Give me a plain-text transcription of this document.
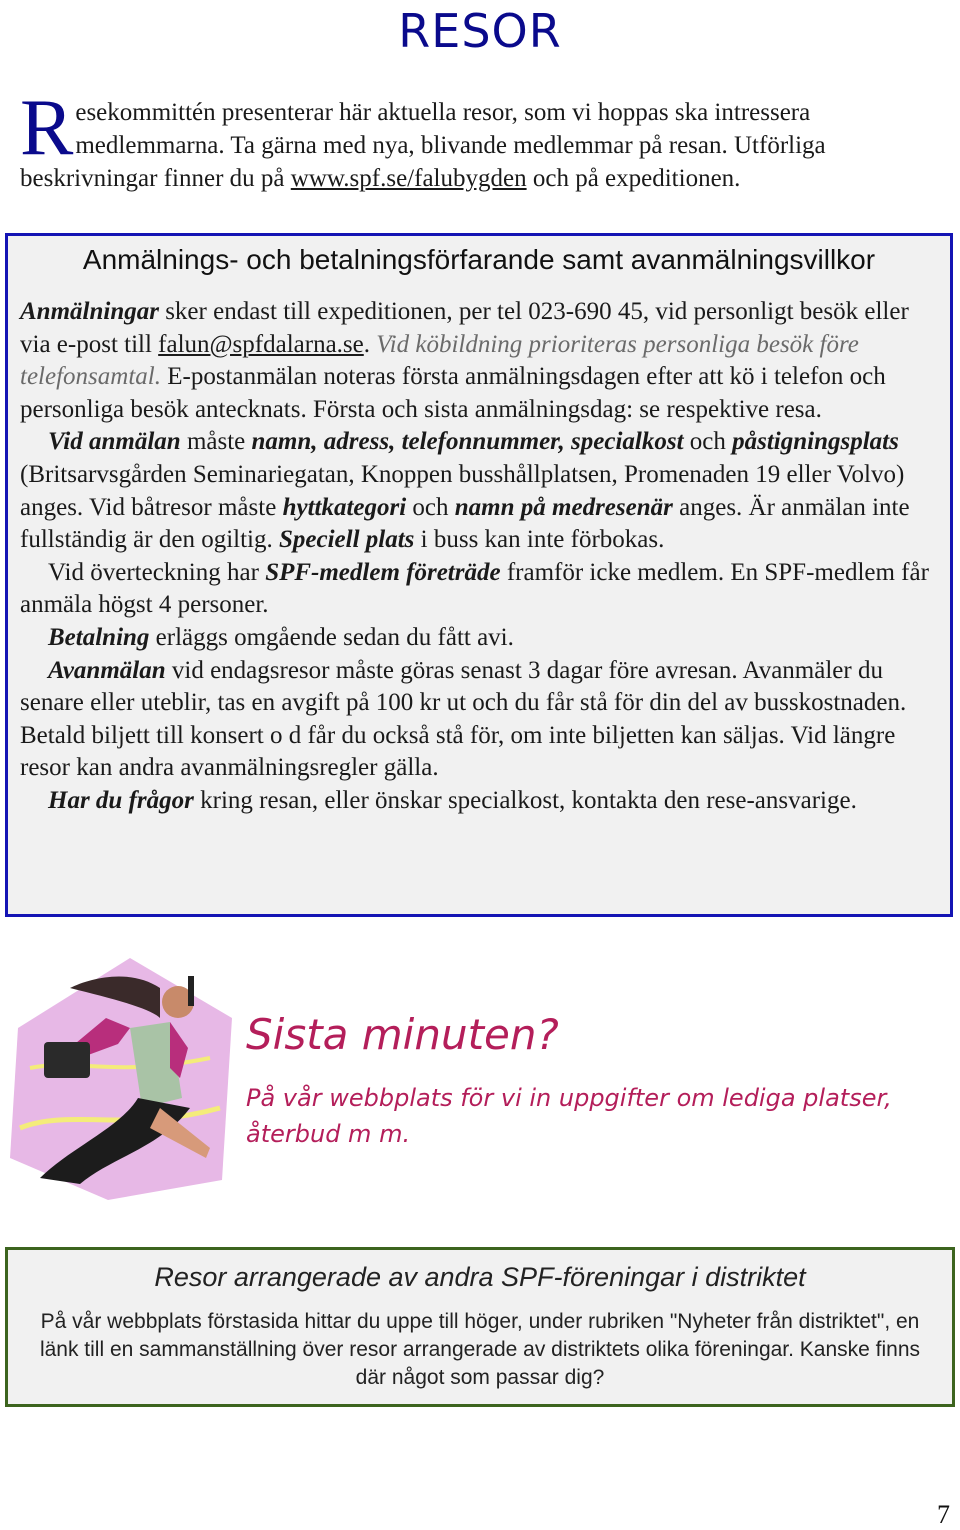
RESOR
Resekommittén presenterar här aktuella resor, som vi hoppas ska intressera medlemmarna. Ta gärna med nya, blivande medlemmar på resan. Utförliga beskrivningar finner du på www.spf.se/falubygden och på expeditionen.
Anmälnings- och betalningsförfarande samt avanmälningsvillkor

Anmälningar sker endast till expeditionen, per tel 023-690 45, vid personligt besök eller via e-post till falun@spfdalarna.se. Vid köbildning prioriteras personliga besök före telefonsamtal. E-postanmälan noteras första anmälningsdagen efter att kö i telefon och personliga besök antecknats. Första och sista anmälningsdag: se respektive resa.

Vid anmälan måste namn, adress, telefonnummer, specialkost och påstigningsplats (Britsarvsgården Seminariegatan, Knoppen busshållplatsen, Promenaden 19 eller Volvo) anges. Vid båtresor måste hyttkategori och namn på medresenär anges. Är anmälan inte fullständig är den ogiltig. Speciell plats i buss kan inte förbokas.

Vid överteckning har SPF-medlem företräde framför icke medlem. En SPF-medlem får anmäla högst 4 personer.

Betalning erläggs omgående sedan du fått avi.

Avanmälan vid endagsresor måste göras senast 3 dagar före avresan. Avanmäler du senare eller uteblir, tas en avgift på 100 kr ut och du får stå för din del av busskostnaden. Betald biljett till konsert o d får du också stå för, om inte biljetten kan säljas. Vid längre resor kan andra avanmälningsregler gälla.

Har du frågor kring resan, eller önskar specialkost, kontakta den rese-ansvarige.

Sista minuten?
På vår webbplats för vi in uppgifter om lediga platser, återbud m m.
Resor arrangerade av andra SPF-föreningar i distriktet

På vår webbplats förstasida hittar du uppe till höger, under rubriken "Nyheter från distriktet", en länk till en sammanställning över resor arrangerade av distriktets olika föreningar. Kanske finns där något som passar dig?

7
